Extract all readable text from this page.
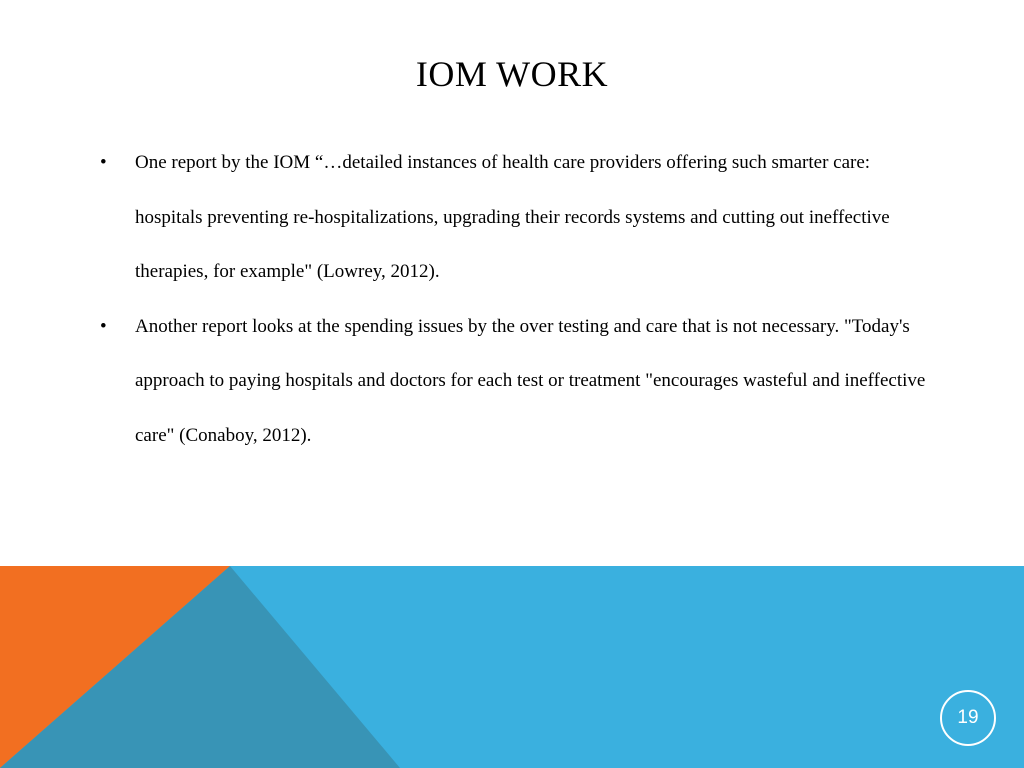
IOM WORK
• One report by the IOM “…detailed instances of health care providers offering such smarter care: hospitals preventing re-hospitalizations, upgrading their records systems and cutting out ineffective therapies, for example" (Lowrey, 2012).
• Another report looks at the spending issues by the over testing and care that is not necessary. "Today's approach to paying hospitals and doctors for each test or treatment "encourages wasteful and ineffective care" (Conaboy, 2012).
19
